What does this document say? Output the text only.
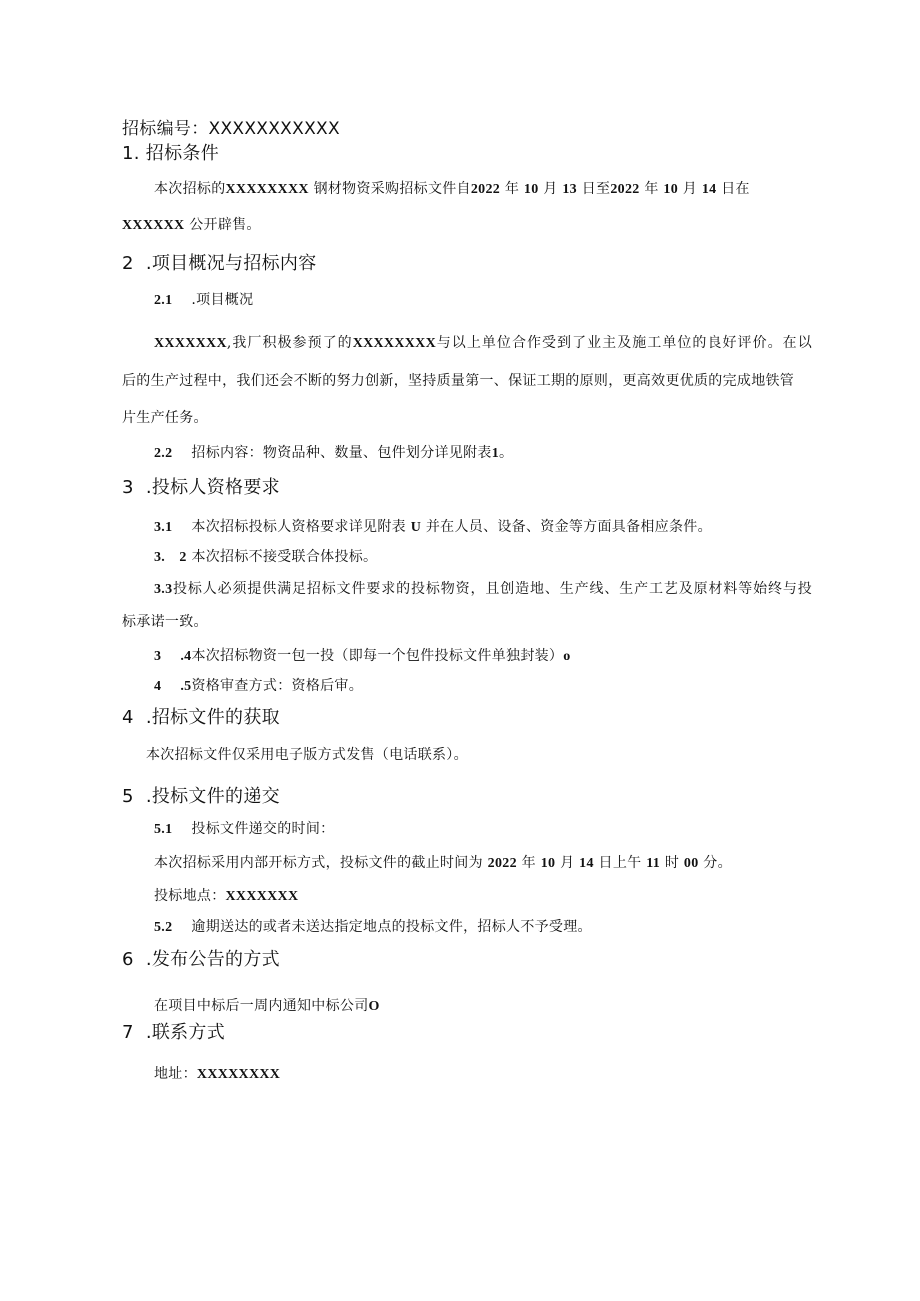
招标编号：XXXXXXXXXXX
1. 招标条件
本次招标的XXXXXXXX 钢材物资采购招标文件自2022 年 10 月 13 日至2022 年 10 月 14 日在
XXXXXX 公开辟售。
2 .项目概况与招标内容
2.1 .项目概况
XXXXXXX,我厂积极参预了的XXXXXXXX与以上单位合作受到了业主及施工单位的良好评价。在以
后的生产过程中，我们还会不断的努力创新，坚持质量第一、保证工期的原则，更高效更优质的完成地铁管
片生产任务。
2.2 招标内容：物资品种、数量、包件划分详见附表1。
3 .投标人资格要求
3.1 本次招标投标人资格要求详见附表 U 并在人员、设备、资金等方面具备相应条件。
3. 2 本次招标不接受联合体投标。
3.3投标人必须提供满足招标文件要求的投标物资，且创造地、生产线、生产工艺及原材料等始终与投
标承诺一致。
3 .4本次招标物资一包一投（即每一个包件投标文件单独封装）o
4 .5资格审查方式：资格后审。
4 .招标文件的获取
本次招标文件仅采用电子版方式发售（电话联系）。
5 .投标文件的递交
5.1 投标文件递交的时间：
本次招标采用内部开标方式，投标文件的截止时间为 2022 年 10 月 14 日上午 11 时 00 分。
投标地点：XXXXXXX
5.2 逾期送达的或者未送达指定地点的投标文件，招标人不予受理。
6 .发布公告的方式
在项目中标后一周内通知中标公司O
7 .联系方式
地址：XXXXXXXX
